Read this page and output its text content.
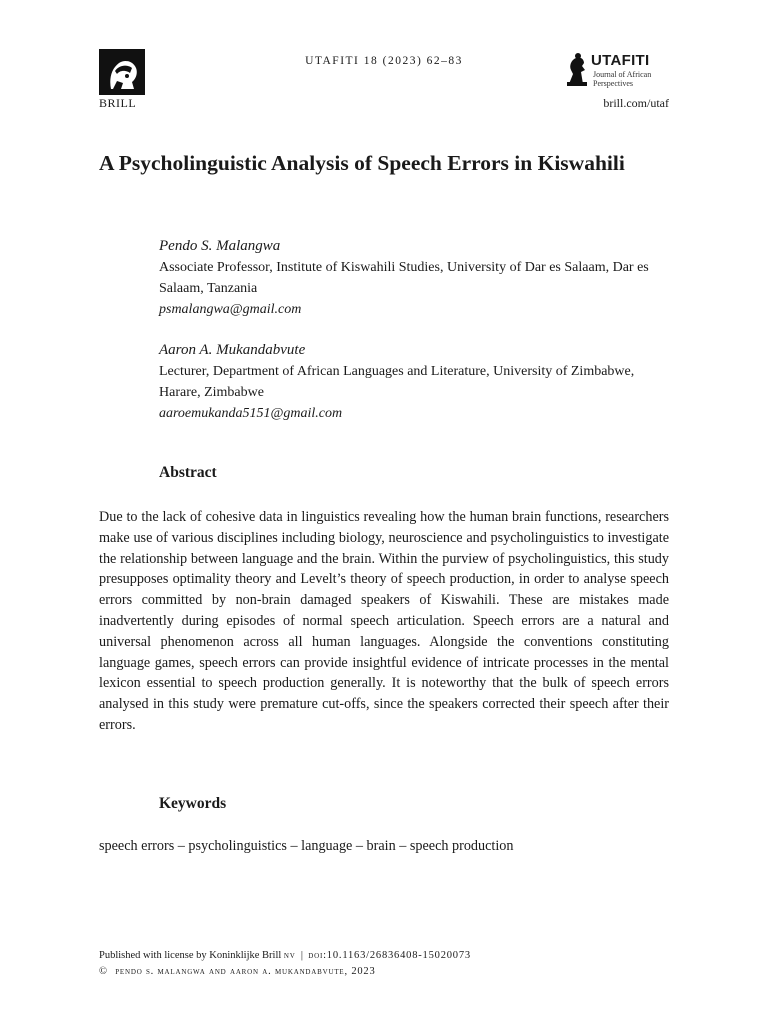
BRILL
UTAFITI 18 (2023) 62–83	UTAFITI
Journal of African Perspectives
brill.com/utaf
A Psycholinguistic Analysis of Speech Errors in Kiswahili
Pendo S. Malangwa
Associate Professor, Institute of Kiswahili Studies, University of Dar es Salaam, Dar es Salaam, Tanzania
psmalangwa@gmail.com
Aaron A. Mukandabvute
Lecturer, Department of African Languages and Literature, University of Zimbabwe, Harare, Zimbabwe
aaroemukanda5151@gmail.com
Abstract
Due to the lack of cohesive data in linguistics revealing how the human brain functions, researchers make use of various disciplines including biology, neuroscience and psycholinguistics to investigate the relationship between language and the brain. Within the purview of psycholinguistics, this study presupposes optimality theory and Levelt’s theory of speech production, in order to analyse speech errors committed by non-brain damaged speakers of Kiswahili. These are mistakes made inadvertently during episodes of normal speech articulation. Speech errors are a natural and universal phenomenon across all human languages. Alongside the conventions constituting language games, speech errors can provide insightful evidence of intricate processes in the mental lexicon essential to speech production generally. It is noteworthy that the bulk of speech errors analysed in this study were premature cut-offs, since the speakers corrected their speech after their errors.
Keywords
speech errors – psycholinguistics – language – brain – speech production
Published with license by Koninklijke Brill nv | doi:10.1163/26836408-15020073
© pendo s. malangwa and aaron a. mukandabvute, 2023
